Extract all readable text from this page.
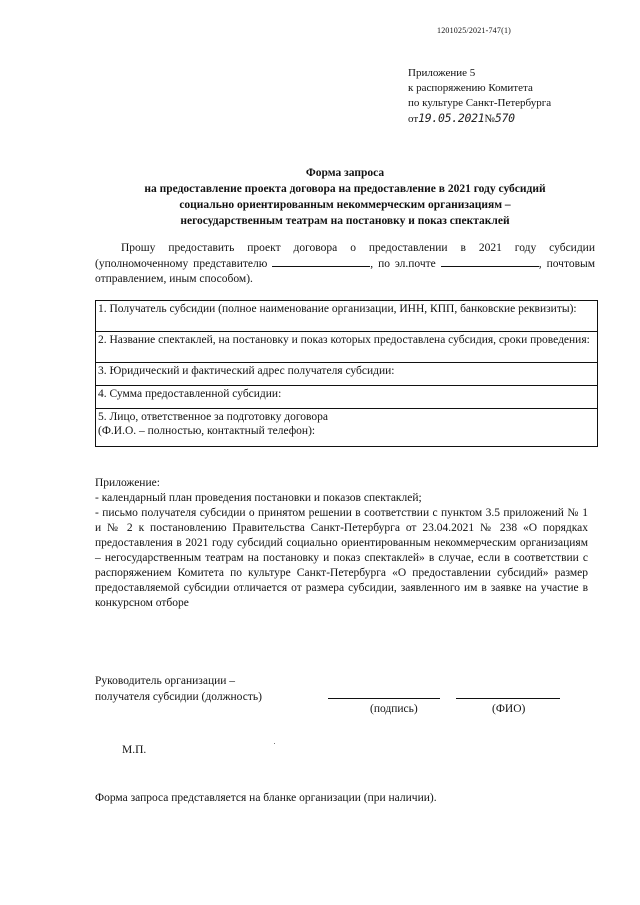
1201025/2021-747(1)
Приложение 5
к распоряжению Комитета
по культуре Санкт-Петербурга
от19.05.2021№570
Форма запроса
на предоставление проекта договора на предоставление в 2021 году субсидий
социально ориентированным некоммерческим организациям –
негосударственным театрам на постановку и показ спектаклей

Прошу предоставить проект договора о предоставлении в 2021 году субсидии (уполномоченному представителю	, по эл.почте	, почтовым отправлением, иным способом).

1. Получатель субсидии (полное наименование организации, ИНН, КПП, банковские реквизиты):
2. Название спектаклей, на постановку и показ которых предоставлена субсидия, сроки проведения:
3. Юридический и фактический адрес получателя субсидии:
4. Сумма предоставленной субсидии:

5. Лицо, ответственное за подготовку договора
(Ф.И.О. – полностью, контактный телефон):

Приложение:

- календарный план проведения постановки и показов спектаклей;

- письмо получателя субсидии о принятом решении в соответствии с пунктом 3.5 приложений № 1 и № 2 к постановлению Правительства Санкт-Петербурга от 23.04.2021 № 238 «О порядках предоставления в 2021 году субсидий социально ориентированным некоммерческим организациям – негосударственным театрам на постановку и показ спектаклей» в случае, если в соответствии с распоряжением Комитета по культуре Санкт-Петербурга «О предоставлении субсидий» размер предоставляемой субсидии отличается от размера субсидии, заявленного им в заявке на участие в конкурсном отборе

Руководитель организации –
получателя субсидии (должность)
(подпись)	(ФИО)
М.П.
Форма запроса представляется на бланке организации (при наличии).
